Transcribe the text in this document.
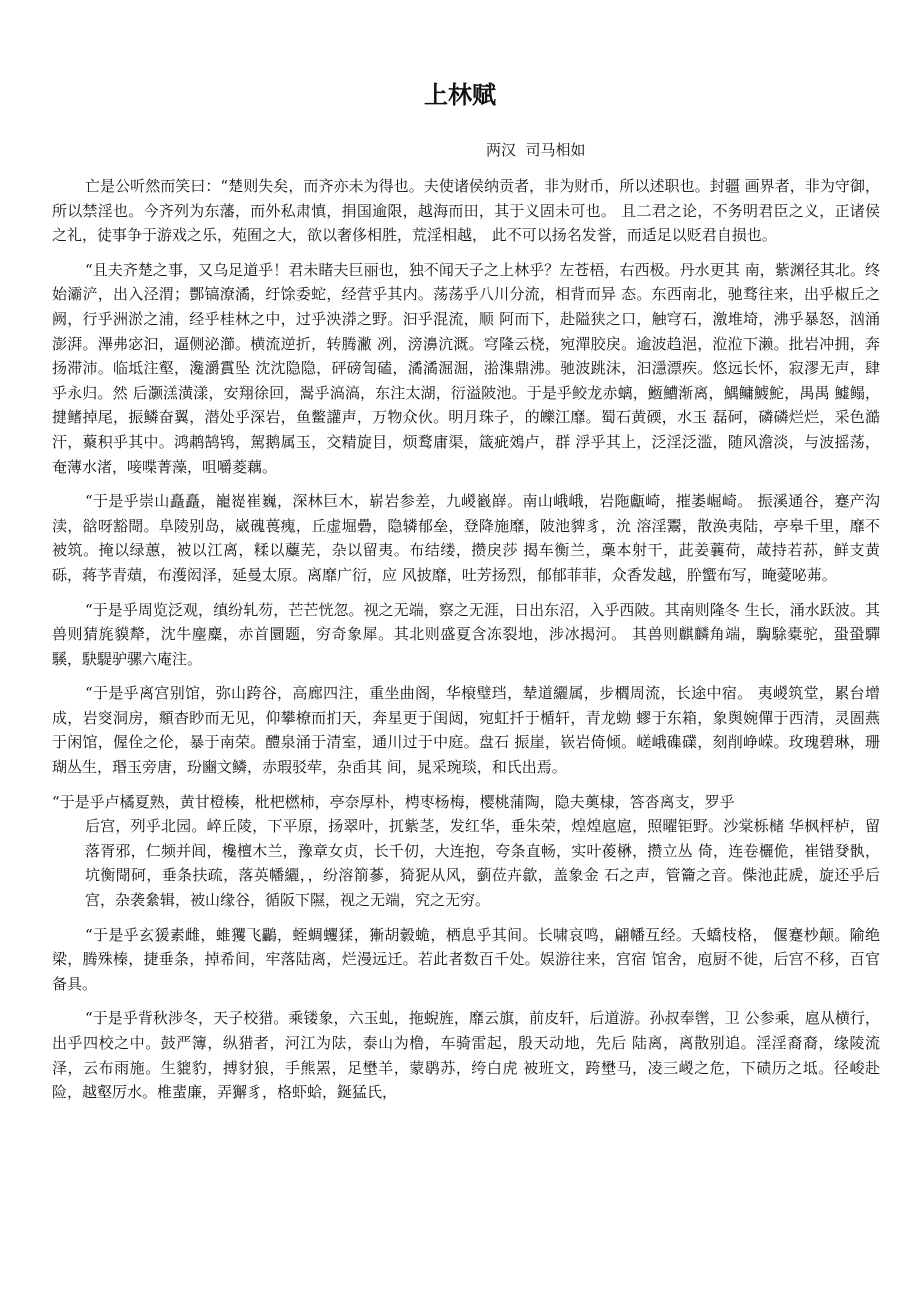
上林赋
两汉  司马相如

亡是公听然而笑曰：“楚则失矣，而齐亦未为得也。夫使诸侯纳贡者，非为财币，所以述职也。封疆 画界者，非为守御，所以禁淫也。今齐列为东藩，而外私肃慎，捐国逾限，越海而田，其于义固未可也。 且二君之论，不务明君臣之义，正诸侯之礼，徒事争于游戏之乐，苑囿之大，欲以奢侈相胜，荒淫相越， 此不可以扬名发誉，而适足以贬君自损也。

“且夫齐楚之事，又乌足道乎！君未睹夫巨丽也，独不闻天子之上林乎？左苍梧，右西极。丹水更其 南，紫渊径其北。终始灞浐，出入泾渭；酆镐潦潏，纡馀委蛇，经营乎其内。荡荡乎八川分流，相背而异 态。东西南北，驰骛往来，出乎椒丘之阙，行乎洲淤之浦，经乎桂林之中，过乎泱漭之野。汩乎混流，顺 阿而下，赴隘狭之口，触穹石，激堆埼，沸乎暴怒，汹涌澎湃。滭弗宓汩，逼侧泌瀄。横流逆折，转腾潎 冽，滂濞沆溉。穹隆云桡，宛潬胶戾。逾波趋浥，涖涖下濑。批岩冲拥，奔扬滞沛。临坻注壑，瀺灂霣坠 沈沈隐隐，砰磅訇磕，潏潏淈淈，湁潗鼎沸。驰波跳沫，汩濦漂疾。悠远长怀，寂漻无声，肆乎永归。然 后灏溔潢漾，安翔徐回，翯乎滈滈，东注太湖，衍溢陂池。于是乎鲛龙赤螭，䱭鰽渐离，鰅鳙鰬鮀，禺禺 鱋鳎，揵鳍掉尾，振鳞奋翼，潜处乎深岩，鱼鳖讙声，万物众伙。明月珠子，的皪江靡。蜀石黄碝，水玉 磊砢，磷磷烂烂，采色澔汗，藂积乎其中。鸿鹔鹄鸨，駕鹅属玉，交精旋目，烦鹜庸渠，箴疵鵁卢，群 浮乎其上，泛淫泛滥，随风澹淡，与波摇荡，奄薄水渚，唼喋菁藻，咀嚼菱藕。

“于是乎崇山矗矗，巃嵸崔巍，深林巨木，崭岩参差，九嵕巀嶭。南山峨峨，岩陁甗崎，摧崣崛崎。 振溪通谷，蹇产沟渎，谽呀豁閜。阜陵别岛，崴磈葨瘣，丘虚堀礨，隐辚郁垒，登降施靡，陂池貏豸，沇 溶淫鬻，散涣夷陆，亭皋千里，靡不被筑。掩以绿蕙，被以江离，糅以蘪芜，杂以留夷。布结缕，攒戾莎 揭车衡兰，稾本射干，茈姜蘘荷，葴持若荪，鲜支黄砾，蒋芧青薠，布濩闳泽，延曼太原。离靡广衍，应 风披靡，吐芳扬烈，郁郁菲菲，众香发越，肸蠁布写，晻薆咇茀。

“于是乎周览泛观，缜纷轧芴，芒芒恍忽。视之无端，察之无涯，日出东沼，入乎西陂。其南则隆冬 生长，涌水跃波。其兽则猜旄貘犛，沈牛麈麋，赤首圜题，穷奇象犀。其北则盛夏含冻裂地，涉冰揭河。 其兽则麒麟角端，騊駼橐驼，蛩蛩驒騱，駃騠驴骡六庵注。

“于是乎离宫别馆，弥山跨谷，高廊四注，重坐曲阁，华榱璧珰，辇道纚属，步櫩周流，长途中宿。 夷嵕筑堂，累台增成，岩窔洞房，頫杳眇而无见，仰攀橑而扪天，奔星更于闺闼，宛虹扦于楯轩，青龙蚴 蟉于东箱，象舆婉僤于西清，灵圄燕于闲馆，偓佺之伦，暴于南荣。醴泉涌于清室，通川过于中庭。盘石 振崖，嵚岩倚倾。嵯峨磼礏，刻削峥嵘。玫瑰碧琳，珊瑚丛生，瑉玉旁唐，玢豳文鳞，赤瑕驳荦，杂臿其 间，晁采琬琰，和氏出焉。

“于是乎卢橘夏熟，黄甘橙楱，枇杷橪柿，亭奈厚朴，梬枣杨梅，樱桃蒲陶，隐夫薁棣，答沓离支，罗乎

后宫，列乎北园。崪丘陵，下平原，扬翠叶，扤紫茎，发红华，垂朱荣，煌煌扈扈，照曜钜野。沙棠栎槠 华枫枰栌，留落胥邪，仁频并闾，欃檀木兰，豫章女贞，长千仞，大连抱，夸条直畅，实叶葰楙，攒立丛 倚，连卷欐佹，崔错癹骫，坑衡閜砢，垂条扶疏，落英幡纚，，纷溶箾蔘，猗狔从风，藰莅卉歙，盖象金 石之声，管籥之音。偨池茈虒，旋还乎后宫，杂袭絫辑，被山缘谷，循阪下隰，视之无端，究之无穷。

“于是乎玄猨素雌，蜼玃飞鸓，蛭蜩蠼猱，獑胡豰蛫，栖息乎其间。长啸哀鸣，翩幡互经。夭蟜枝格， 偃蹇杪颠。隃绝梁，腾殊榛，捷垂条，掉希间，牢落陆离，烂漫远迁。若此者数百千处。娱游往来，宫宿 馆舍，庖厨不徙，后宫不移，百官备具。

“于是乎背秋涉冬，天子校猎。乘镂象，六玉虬，拖蜺旌，靡云旗，前皮轩，后道游。孙叔奉辔，卫 公参乘，扈从横行，出乎四校之中。鼓严簿，纵猎者，河江为阹，泰山为橹，车骑雷起，殷天动地，先后 陆离，离散别追。淫淫裔裔，缘陵流泽，云布雨施。生貔豹，搏豺狼，手熊罴，足壄羊，蒙鹖苏，绔白虎 被班文，跨壄马，凌三嵕之危，下碛历之坻。径峻赴险，越壑厉水。椎蜚廉，弄獬豸，格虾蛤，鋋猛氏，
